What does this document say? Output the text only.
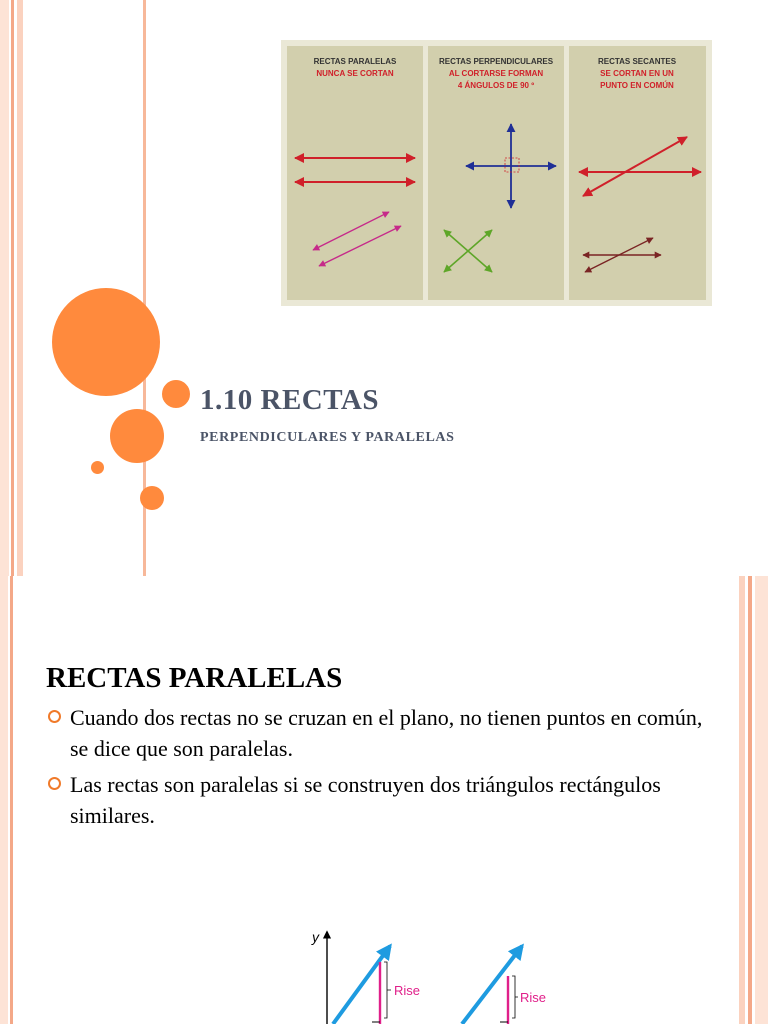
RECTAS PARALELAS
NUNCA SE CORTAN
RECTAS PERPENDICULARES
AL CORTARSE FORMAN
4 ÁNGULOS DE 90 º
RECTAS SECANTES
SE CORTAN EN UN
PUNTO EN COMÚN
1.10 RECTAS
PERPENDICULARES Y PARALELAS
RECTAS PARALELAS
Cuando dos rectas no se cruzan en el plano, no tienen puntos en común, se dice que son paralelas.
Las rectas son paralelas si se construyen dos triángulos rectángulos similares.
y
Rise	Rise
